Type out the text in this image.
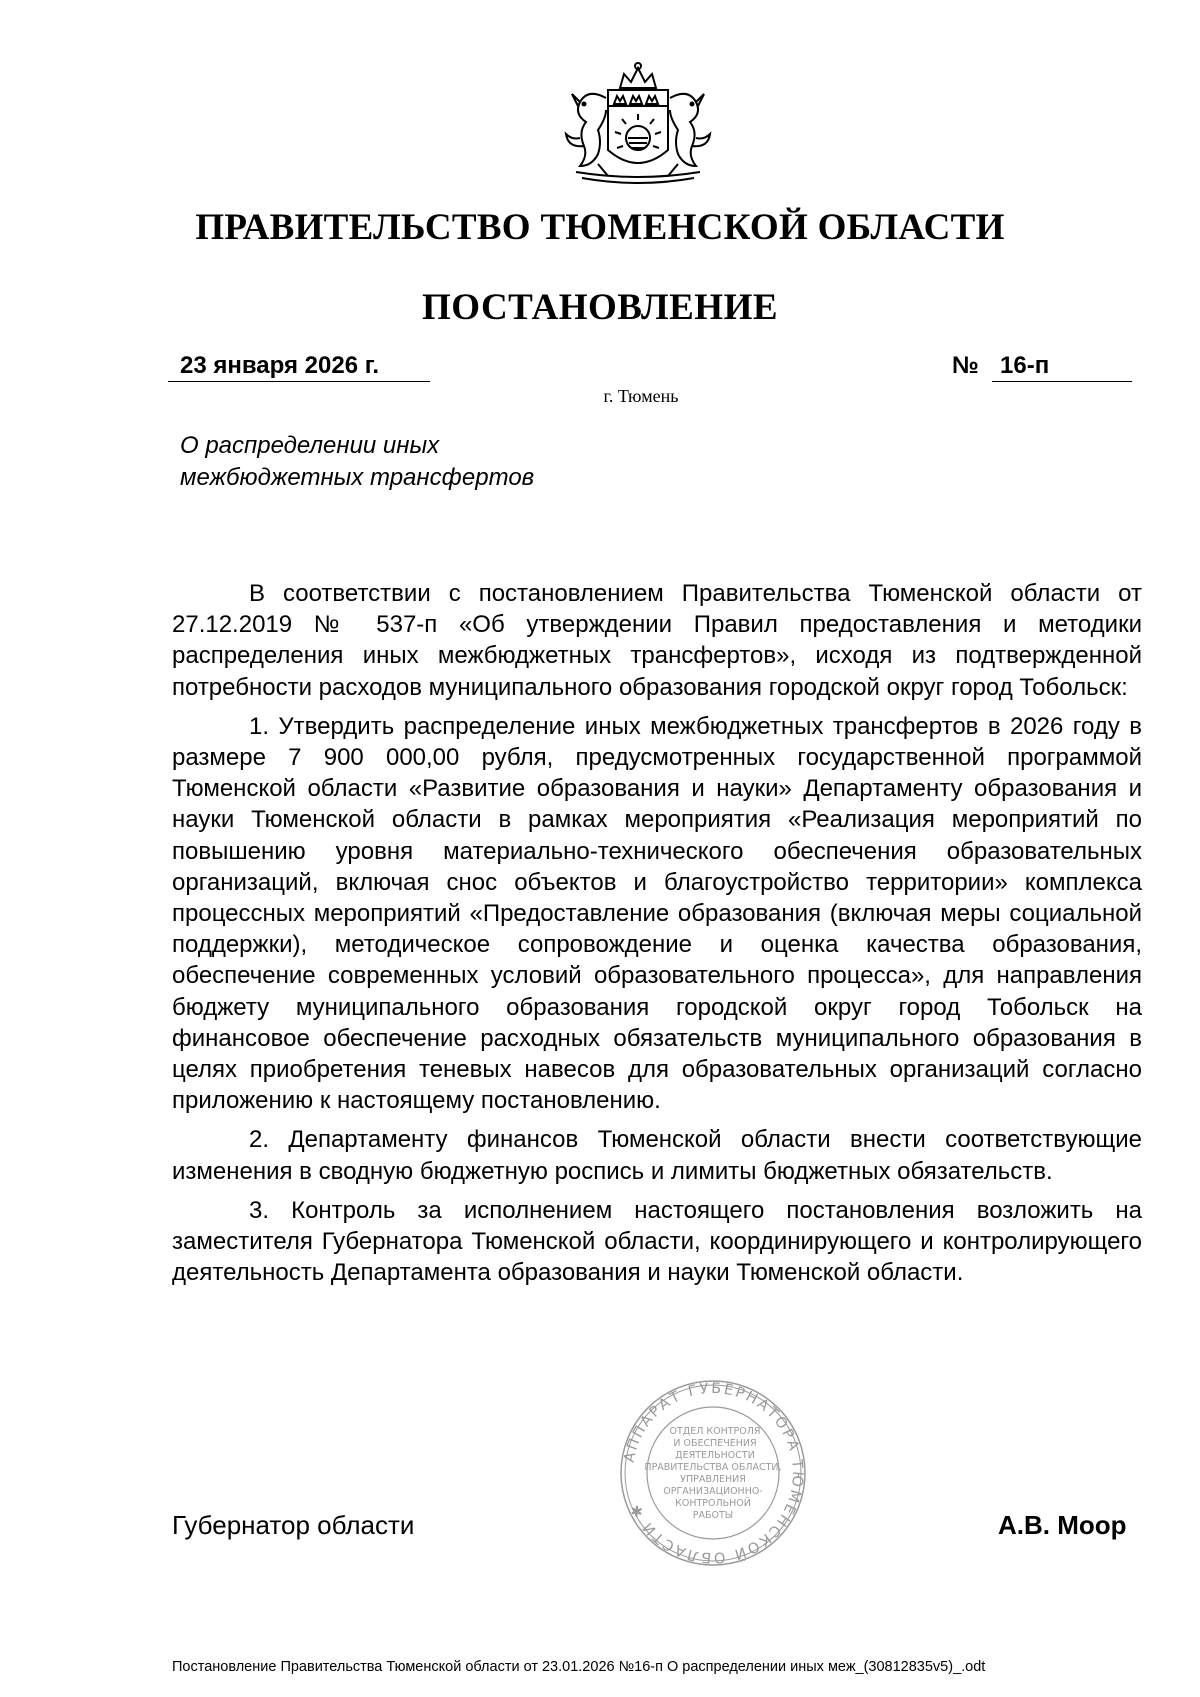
ПРАВИТЕЛЬСТВО ТЮМЕНСКОЙ ОБЛАСТИ
ПОСТАНОВЛЕНИЕ
23 января 2026 г.	№ 16-п
г. Тюмень
О распределении иных
межбюджетных трансфертов

В соответствии с постановлением Правительства Тюменской области от 27.12.2019 № 537-п «Об утверждении Правил предоставления и методики распределения иных межбюджетных трансфертов», исходя из подтвержденной потребности расходов муниципального образования городской округ город Тобольск:

1. Утвердить распределение иных межбюджетных трансфертов в 2026 году в размере 7 900 000,00 рубля, предусмотренных государственной программой Тюменской области «Развитие образования и науки» Департаменту образования и науки Тюменской области в рамках мероприятия «Реализация мероприятий по повышению уровня материально-технического обеспечения образовательных организаций, включая снос объектов и благоустройство территории» комплекса процессных мероприятий «Предоставление образования (включая меры социальной поддержки), методическое сопровождение и оценка качества образования, обеспечение современных условий образовательного процесса», для направления бюджету муниципального образования городской округ город Тобольск на финансовое обеспечение расходных обязательств муниципального образования в целях приобретения теневых навесов для образовательных организаций согласно приложению к настоящему постановлению.

2. Департаменту финансов Тюменской области внести соответствующие изменения в сводную бюджетную роспись и лимиты бюджетных обязательств.

3. Контроль за исполнением настоящего постановления возложить на заместителя Губернатора Тюменской области, координирующего и контролирующего деятельность Департамента образования и науки Тюменской области.

АППАРАТ ГУБЕРНАТОРА ТЮМЕНСКОЙ ОБЛАСТИ ✱
ОТДЕЛ КОНТРОЛЯ
И ОБЕСПЕЧЕНИЯ
ДЕЯТЕЛЬНОСТИ
ПРАВИТЕЛЬСТВА ОБЛАСТИ,
УПРАВЛЕНИЯ
ОРГАНИЗАЦИОННО-
КОНТРОЛЬНОЙ
РАБОТЫ
Губернатор области	А.В. Моор
Постановление Правительства Тюменской области от 23.01.2026 №16-п О распределении иных меж_(30812835v5)_.odt
